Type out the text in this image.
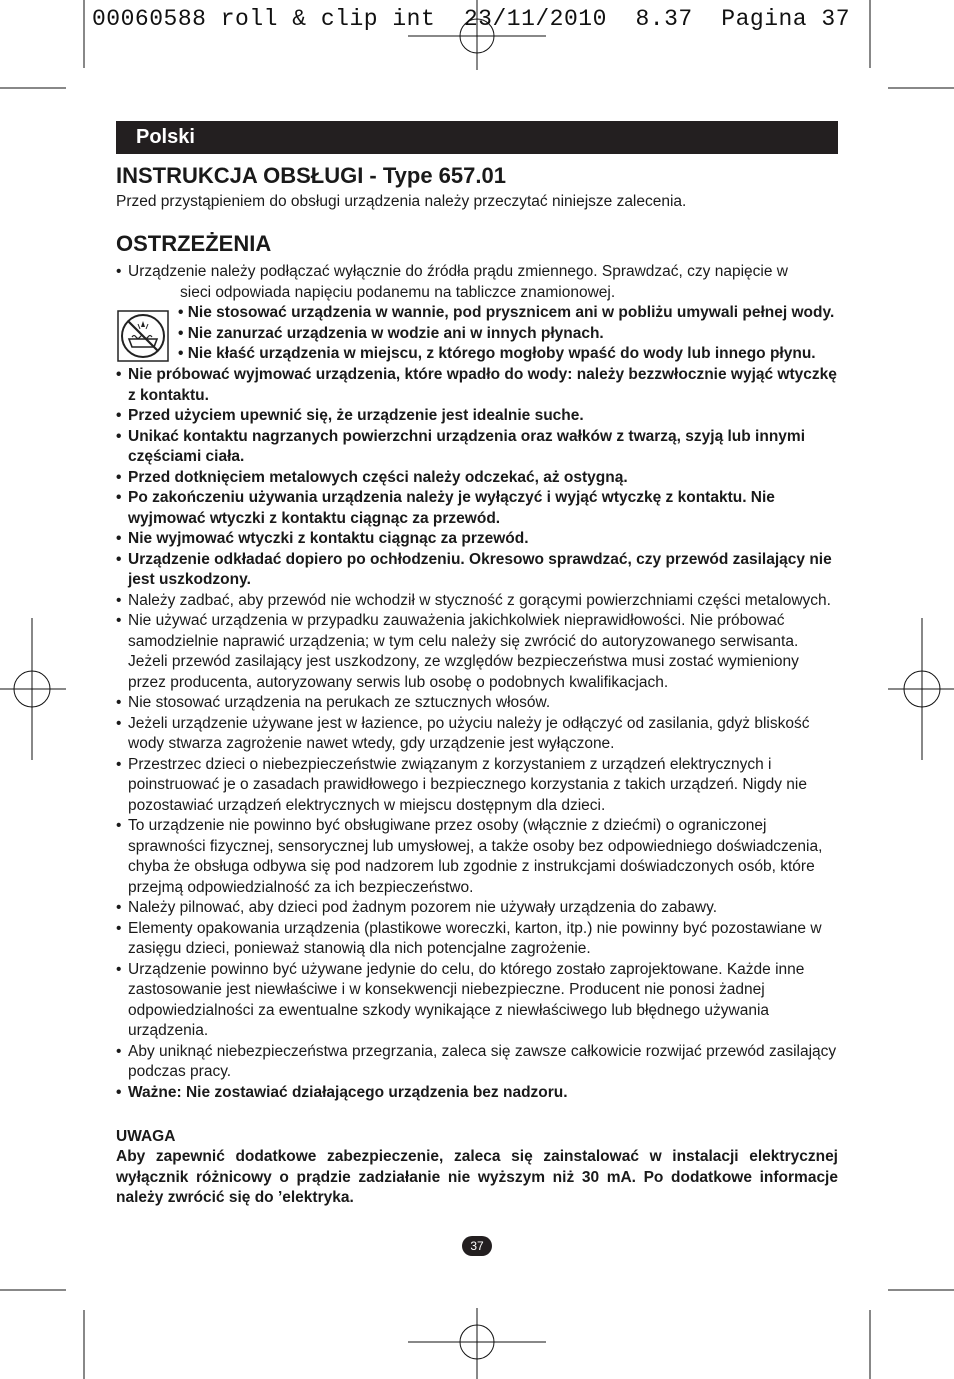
00060588 roll & clip int  23/11/2010  8.37  Pagina 37
Polski
INSTRUKCJA OBSŁUGI - Type 657.01

Przed przystąpieniem do obsługi urządzenia należy przeczytać niniejsze zalecenia.

OSTRZEŻENIA
• Urządzenie należy podłączać wyłącznie do źródła prądu zmiennego. Sprawdzać, czy napięcie w
sieci odpowiada napięciu podanemu na tabliczce znamionowej.
• Nie stosować urządzenia w wannie, pod prysznicem ani w pobliżu umywali pełnej wody.
• Nie zanurzać urządzenia w wodzie ani w innych płynach.
• Nie kłaść urządzenia w miejscu, z którego mogłoby wpaść do wody lub innego płynu.
• Nie próbować wyjmować urządzenia, które wpadło do wody: należy bezzwłocznie wyjąć wtyczkę z kontaktu.
• Przed użyciem upewnić się, że urządzenie jest idealnie suche.
• Unikać kontaktu nagrzanych powierzchni urządzenia oraz wałków z twarzą, szyją lub innymi częściami ciała.
• Przed dotknięciem metalowych części należy odczekać, aż ostygną.
• Po zakończeniu używania urządzenia należy je wyłączyć i wyjąć wtyczkę z kontaktu. Nie wyjmować wtyczki z kontaktu ciągnąc za przewód.
• Nie wyjmować wtyczki z kontaktu ciągnąc za przewód.
• Urządzenie odkładać dopiero po ochłodzeniu. Okresowo sprawdzać, czy przewód zasilający nie jest uszkodzony.
• Należy zadbać, aby przewód nie wchodził w styczność z gorącymi powierzchniami części metalowych.
• Nie używać urządzenia w przypadku zauważenia jakichkolwiek nieprawidłowości. Nie próbować samodzielnie naprawić urządzenia; w tym celu należy się zwrócić do autoryzowanego serwisanta. Jeżeli przewód zasilający jest uszkodzony, ze względów bezpieczeństwa musi zostać wymieniony przez producenta, autoryzowany serwis lub osobę o podobnych kwalifikacjach.
• Nie stosować urządzenia na perukach ze sztucznych włosów.
• Jeżeli urządzenie używane jest w łazience, po użyciu należy je odłączyć od zasilania, gdyż bliskość wody stwarza zagrożenie nawet wtedy, gdy urządzenie jest wyłączone.
• Przestrzec dzieci o niebezpieczeństwie związanym z korzystaniem z urządzeń elektrycznych i poinstruować je o zasadach prawidłowego i bezpiecznego korzystania z takich urządzeń. Nigdy nie pozostawiać urządzeń elektrycznych w miejscu dostępnym dla dzieci.
• To urządzenie nie powinno być obsługiwane przez osoby (włącznie z dziećmi) o ograniczonej sprawności fizycznej, sensorycznej lub umysłowej, a także osoby bez odpowiedniego doświadczenia, chyba że obsługa odbywa się pod nadzorem lub zgodnie z instrukcjami doświadczonych osób, które przejmą odpowiedzialność za ich bezpieczeństwo.
• Należy pilnować, aby dzieci pod żadnym pozorem nie używały urządzenia do zabawy.
• Elementy opakowania urządzenia (plastikowe woreczki, karton, itp.) nie powinny być pozostawiane w zasięgu dzieci, ponieważ stanowią dla nich potencjalne zagrożenie.
• Urządzenie powinno być używane jedynie do celu, do którego zostało zaprojektowane. Każde inne zastosowanie jest niewłaściwe i w konsekwencji niebezpieczne. Producent nie ponosi żadnej odpowiedzialności za ewentualne szkody wynikające z niewłaściwego lub błędnego używania urządzenia.
• Aby uniknąć niebezpieczeństwa przegrzania, zaleca się zawsze całkowicie rozwijać przewód zasilający podczas pracy.
• Ważne: Nie zostawiać działającego urządzenia bez nadzoru.
UWAGA

Aby zapewnić dodatkowe zabezpieczenie, zaleca się zainstalować w instalacji elektrycznej wyłącznik różnicowy o prądzie zadziałanie nie wyższym niż 30 mA. Po dodatkowe informacje należy zwrócić się do ’elektryka.

37
